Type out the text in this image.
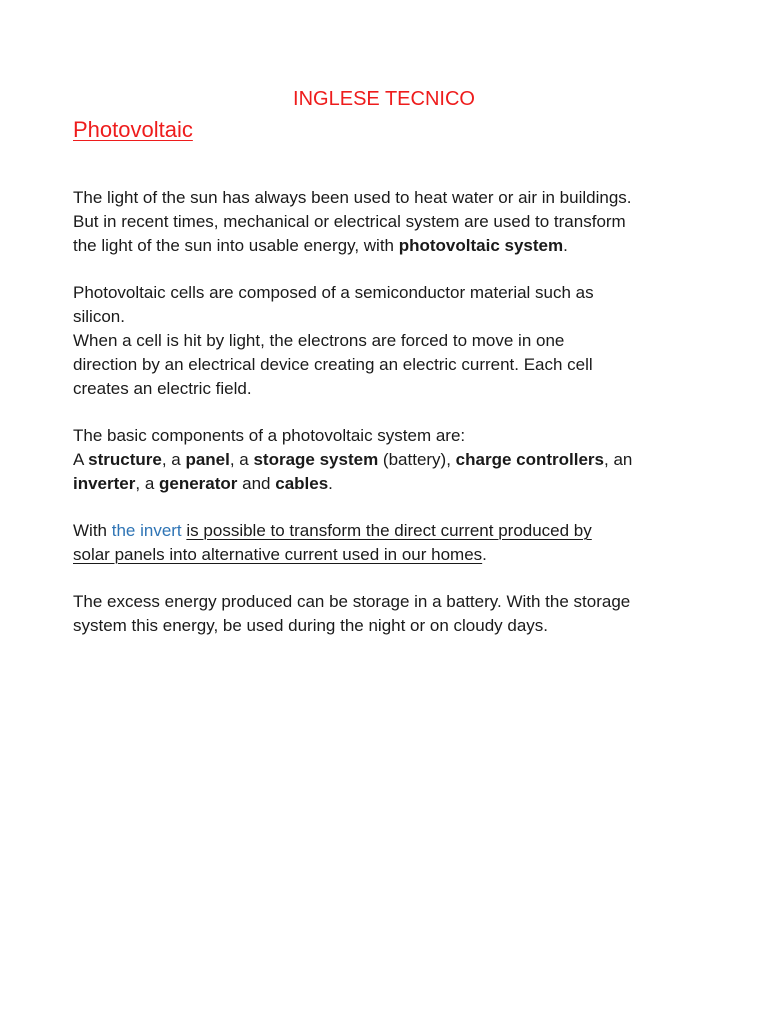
INGLESE TECNICO
Photovoltaic

The light of the sun has always been used to heat water or air in buildings.
But in recent times, mechanical or electrical system are used to transform
the light of the sun into usable energy, with photovoltaic system.

Photovoltaic cells are composed of a semiconductor material such as
silicon.

When a cell is hit by light, the electrons are forced to move in one
direction by an electrical device creating an electric current. Each cell
creates an electric field.

The basic components of a photovoltaic system are:
A structure, a panel, a storage system (battery), charge controllers, an
inverter, a generator and cables.

With the invert is possible to transform the direct current produced by
solar panels into alternative current used in our homes.

The excess energy produced can be storage in a battery. With the storage
system this energy, be used during the night or on cloudy days.
